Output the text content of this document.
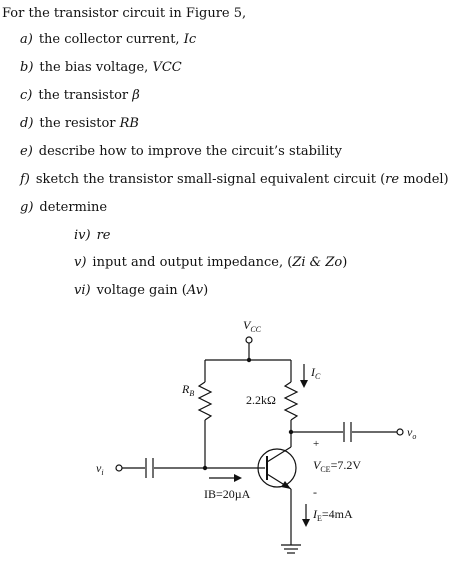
For the transistor circuit in Figure 5,
a) the collector current, Ic
b) the bias voltage, VCC
c) the transistor β
d) the resistor RB
e) describe how to improve the circuit’s stability
f) sketch the transistor small-signal equivalent circuit (re model)
g) determine
iv) re
v) input and output impedance, (Zi & Zo)
vi) voltage gain (Av)
$V_{CC}$
$R_B$	2.2kΩ
$I_C$
$v_i$
$v_o$
IB=20µA
$V_{CE}=7.2V$
+
-
$I_E=4mA$
